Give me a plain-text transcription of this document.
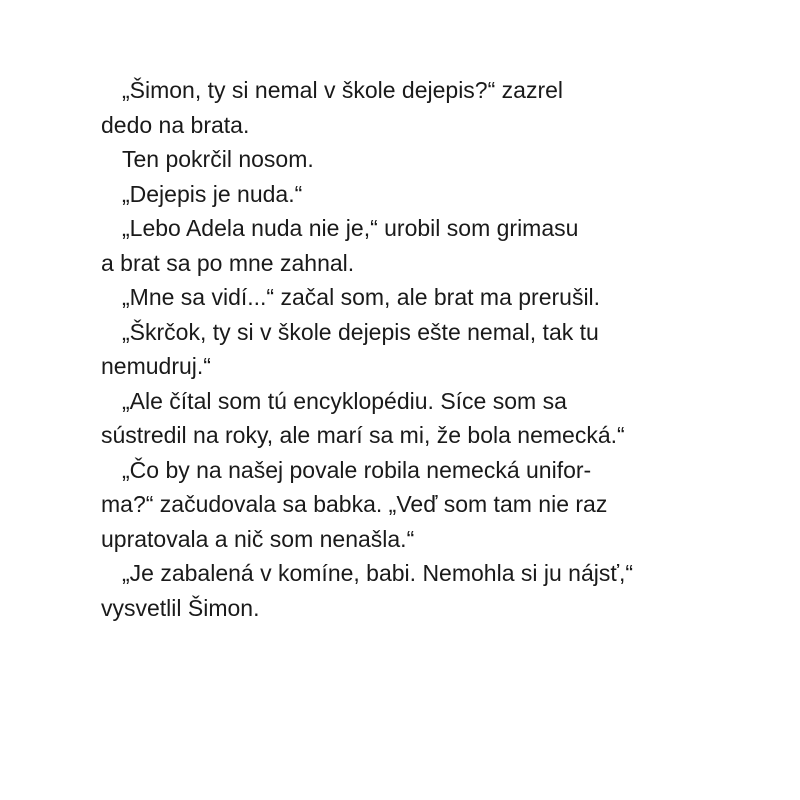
„Šimon, ty si nemal v škole dejepis?“ zazrel
dedo na brata.
Ten pokrčil nosom.
„Dejepis je nuda.“
„Lebo Adela nuda nie je,“ urobil som grimasu
a brat sa po mne zahnal.
„Mne sa vidí...“ začal som, ale brat ma prerušil.
„Škrčok, ty si v škole dejepis ešte nemal, tak tu
nemudruj.“
„Ale čítal som tú encyklopédiu. Síce som sa
sústredil na roky, ale marí sa mi, že bola nemecká.“
„Čo by na našej povale robila nemecká unifor-
ma?“ začudovala sa babka. „Veď som tam nie raz
upratovala a nič som nenašla.“
„Je zabalená v komíne, babi. Nemohla si ju nájsť,“
vysvetlil Šimon.
